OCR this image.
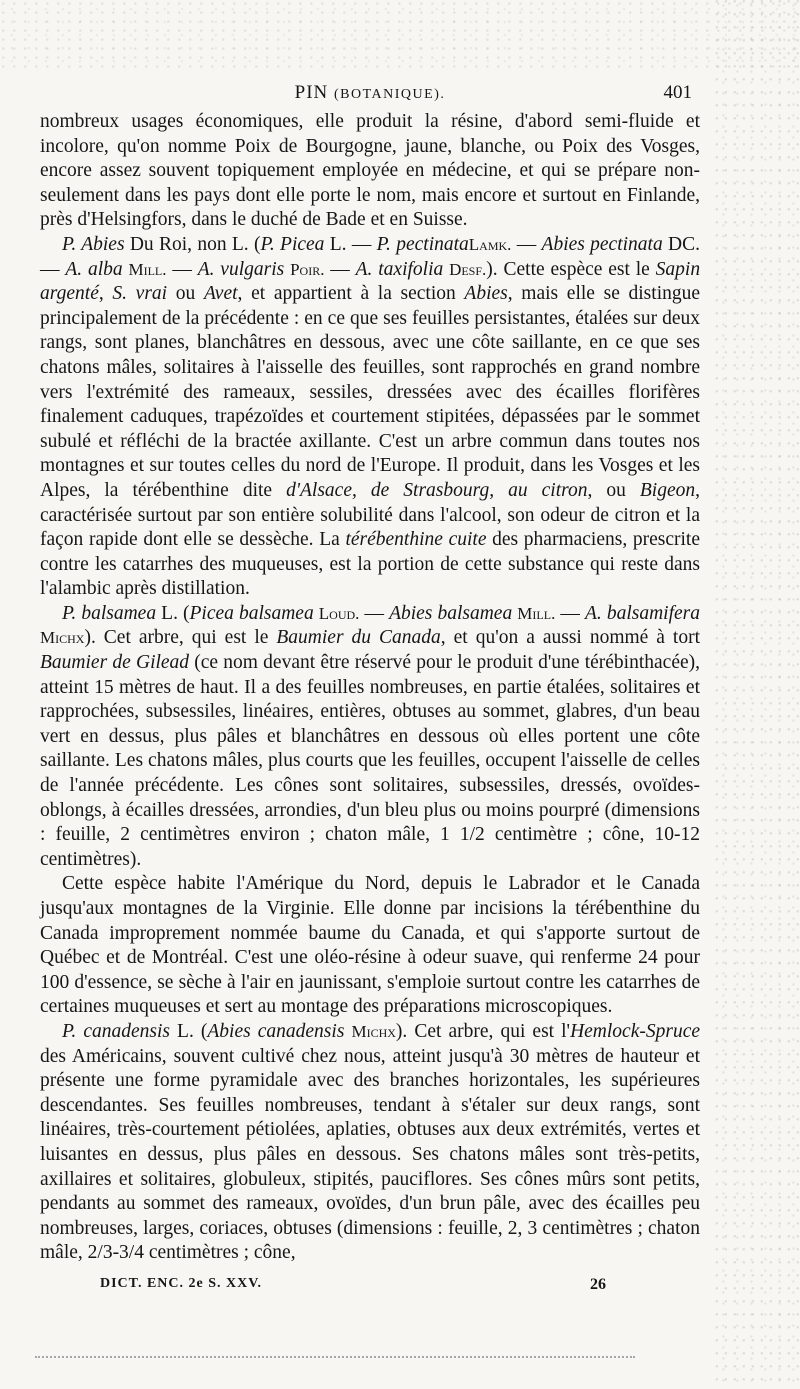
PIN (BOTANIQUE).	401

nombreux usages économiques, elle produit la résine, d'abord semi-fluide et incolore, qu'on nomme Poix de Bourgogne, jaune, blanche, ou Poix des Vosges, encore assez souvent topiquement employée en médecine, et qui se prépare non-seulement dans les pays dont elle porte le nom, mais encore et surtout en Finlande, près d'Helsingfors, dans le duché de Bade et en Suisse.

P. Abies Du Roi, non L. (P. Picea L. — P. pectinataLamk. — Abies pectinata DC. — A. alba Mill. — A. vulgaris Poir. — A. taxifolia Desf.). Cette espèce est le Sapin argenté, S. vrai ou Avet, et appartient à la section Abies, mais elle se distingue principalement de la précédente : en ce que ses feuilles persistantes, étalées sur deux rangs, sont planes, blanchâtres en dessous, avec une côte saillante, en ce que ses chatons mâles, solitaires à l'aisselle des feuilles, sont rapprochés en grand nombre vers l'extrémité des rameaux, sessiles, dressées avec des écailles florifères finalement caduques, trapézoïdes et courtement stipitées, dépassées par le sommet subulé et réfléchi de la bractée axillante. C'est un arbre commun dans toutes nos montagnes et sur toutes celles du nord de l'Europe. Il produit, dans les Vosges et les Alpes, la térébenthine dite d'Alsace, de Strasbourg, au citron, ou Bigeon, caractérisée surtout par son entière solubilité dans l'alcool, son odeur de citron et la façon rapide dont elle se dessèche. La térébenthine cuite des pharmaciens, prescrite contre les catarrhes des muqueuses, est la portion de cette substance qui reste dans l'alambic après distillation.

P. balsamea L. (Picea balsamea Loud. — Abies balsamea Mill. — A. balsamifera Michx). Cet arbre, qui est le Baumier du Canada, et qu'on a aussi nommé à tort Baumier de Gilead (ce nom devant être réservé pour le produit d'une térébinthacée), atteint 15 mètres de haut. Il a des feuilles nombreuses, en partie étalées, solitaires et rapprochées, subsessiles, linéaires, entières, obtuses au sommet, glabres, d'un beau vert en dessus, plus pâles et blanchâtres en dessous où elles portent une côte saillante. Les chatons mâles, plus courts que les feuilles, occupent l'aisselle de celles de l'année précédente. Les cônes sont solitaires, subsessiles, dressés, ovoïdes-oblongs, à écailles dressées, arrondies, d'un bleu plus ou moins pourpré (dimensions : feuille, 2 centimètres environ ; chaton mâle, 1 1/2 centimètre ; cône, 10-12 centimètres).

Cette espèce habite l'Amérique du Nord, depuis le Labrador et le Canada jusqu'aux montagnes de la Virginie. Elle donne par incisions la térébenthine du Canada improprement nommée baume du Canada, et qui s'apporte surtout de Québec et de Montréal. C'est une oléo-résine à odeur suave, qui renferme 24 pour 100 d'essence, se sèche à l'air en jaunissant, s'emploie surtout contre les catarrhes de certaines muqueuses et sert au montage des préparations microscopiques.

P. canadensis L. (Abies canadensis Michx). Cet arbre, qui est l'Hemlock-Spruce des Américains, souvent cultivé chez nous, atteint jusqu'à 30 mètres de hauteur et présente une forme pyramidale avec des branches horizontales, les supérieures descendantes. Ses feuilles nombreuses, tendant à s'étaler sur deux rangs, sont linéaires, très-courtement pétiolées, aplaties, obtuses aux deux extrémités, vertes et luisantes en dessus, plus pâles en dessous. Ses chatons mâles sont très-petits, axillaires et solitaires, globuleux, stipités, pauciflores. Ses cônes mûrs sont petits, pendants au sommet des rameaux, ovoïdes, d'un brun pâle, avec des écailles peu nombreuses, larges, coriaces, obtuses (dimensions : feuille, 2, 3 centimètres ; chaton mâle, 2/3-3/4 centimètres ; cône,

DICT. ENC. 2e S. XXV.	26
